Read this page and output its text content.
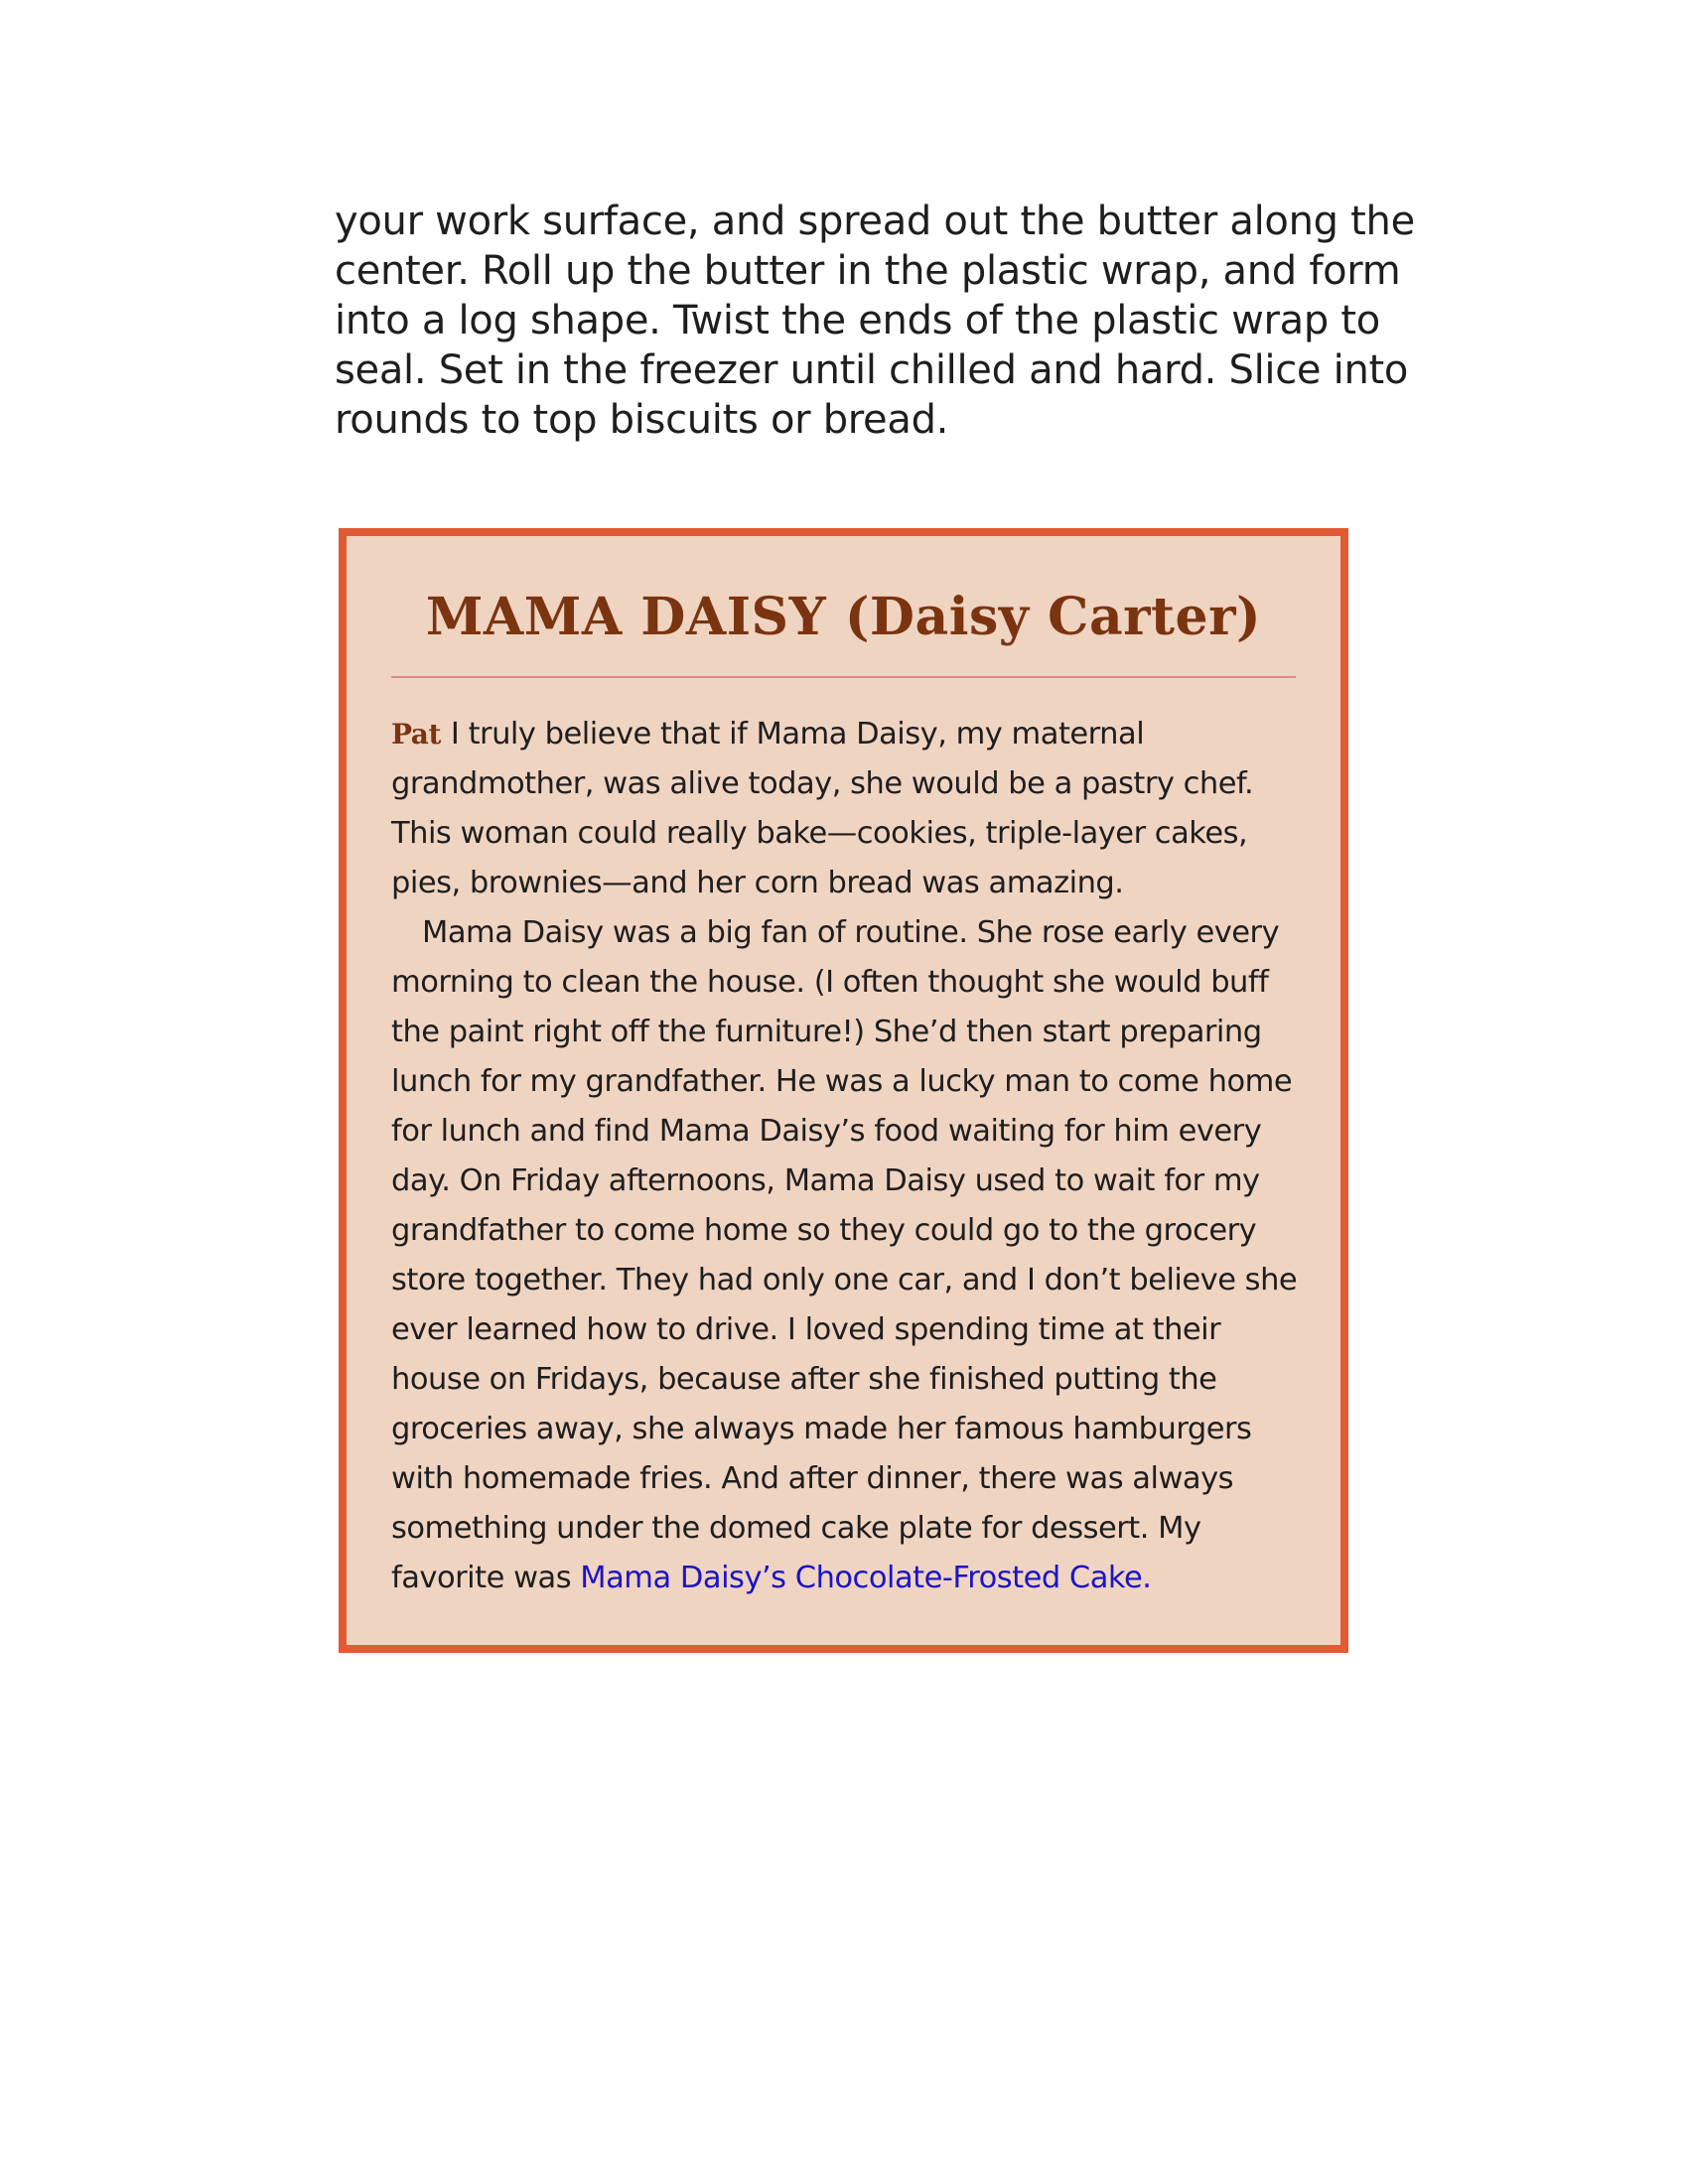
your work surface, and spread out the butter along the center. Roll up the butter in the plastic wrap, and form into a log shape. Twist the ends of the plastic wrap to seal. Set in the freezer until chilled and hard. Slice into rounds to top biscuits or bread.

MAMA DAISY (Daisy Carter)

Pat I truly believe that if Mama Daisy, my maternal grandmother, was alive today, she would be a pastry chef. This woman could really bake—cookies, triple-layer cakes, pies, brownies—and her corn bread was amazing.

Mama Daisy was a big fan of routine. She rose early every morning to clean the house. (I often thought she would buff the paint right off the furniture!) She’d then start preparing lunch for my grandfather. He was a lucky man to come home for lunch and find Mama Daisy’s food waiting for him every day. On Friday afternoons, Mama Daisy used to wait for my grandfather to come home so they could go to the grocery store together. They had only one car, and I don’t believe she ever learned how to drive. I loved spending time at their house on Fridays, because after she finished putting the groceries away, she always made her famous hamburgers with homemade fries. And after dinner, there was always something under the domed cake plate for dessert. My favorite was Mama Daisy’s Chocolate-Frosted Cake.
